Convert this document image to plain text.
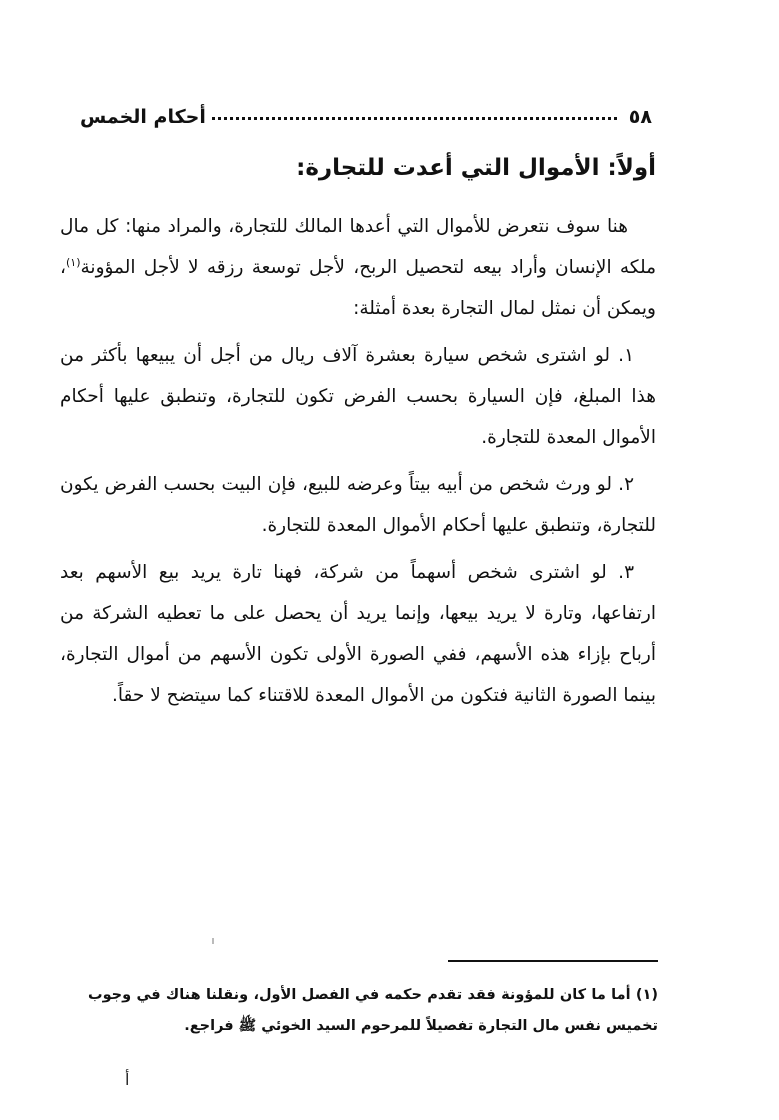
٥٨
أحكام الخمس
أولاً: الأموال التي أعدت للتجارة:

هنا سوف نتعرض للأموال التي أعدها المالك للتجارة، والمراد منها: كل مال ملكه الإنسان وأراد بيعه لتحصيل الربح، لأجل توسعة رزقه لا لأجل المؤونة$^{(١)}$، ويمكن أن نمثل لمال التجارة بعدة أمثلة:

١. لو اشترى شخص سيارة بعشرة آلاف ريال من أجل أن يبيعها بأكثر من هذا المبلغ، فإن السيارة بحسب الفرض تكون للتجارة، وتنطبق عليها أحكام الأموال المعدة للتجارة.

٢. لو ورث شخص من أبيه بيتاً وعرضه للبيع، فإن البيت بحسب الفرض يكون للتجارة، وتنطبق عليها أحكام الأموال المعدة للتجارة.

٣. لو اشترى شخص أسهماً من شركة، فهنا تارة يريد بيع الأسهم بعد ارتفاعها، وتارة لا يريد بيعها، وإنما يريد أن يحصل على ما تعطيه الشركة من أرباح بإزاء هذه الأسهم، ففي الصورة الأولى تكون الأسهم من أموال التجارة، بينما الصورة الثانية فتكون من الأموال المعدة للاقتناء كما سيتضح لا حقاً.

(١) أما ما كان للمؤونة فقد تقدم حكمه في الفصل الأول، ونقلنا هناك في وجوب تخميس نفس مال التجارة تفصيلاً للمرحوم السيد الخوئي ﷺ فراجع.

أ
